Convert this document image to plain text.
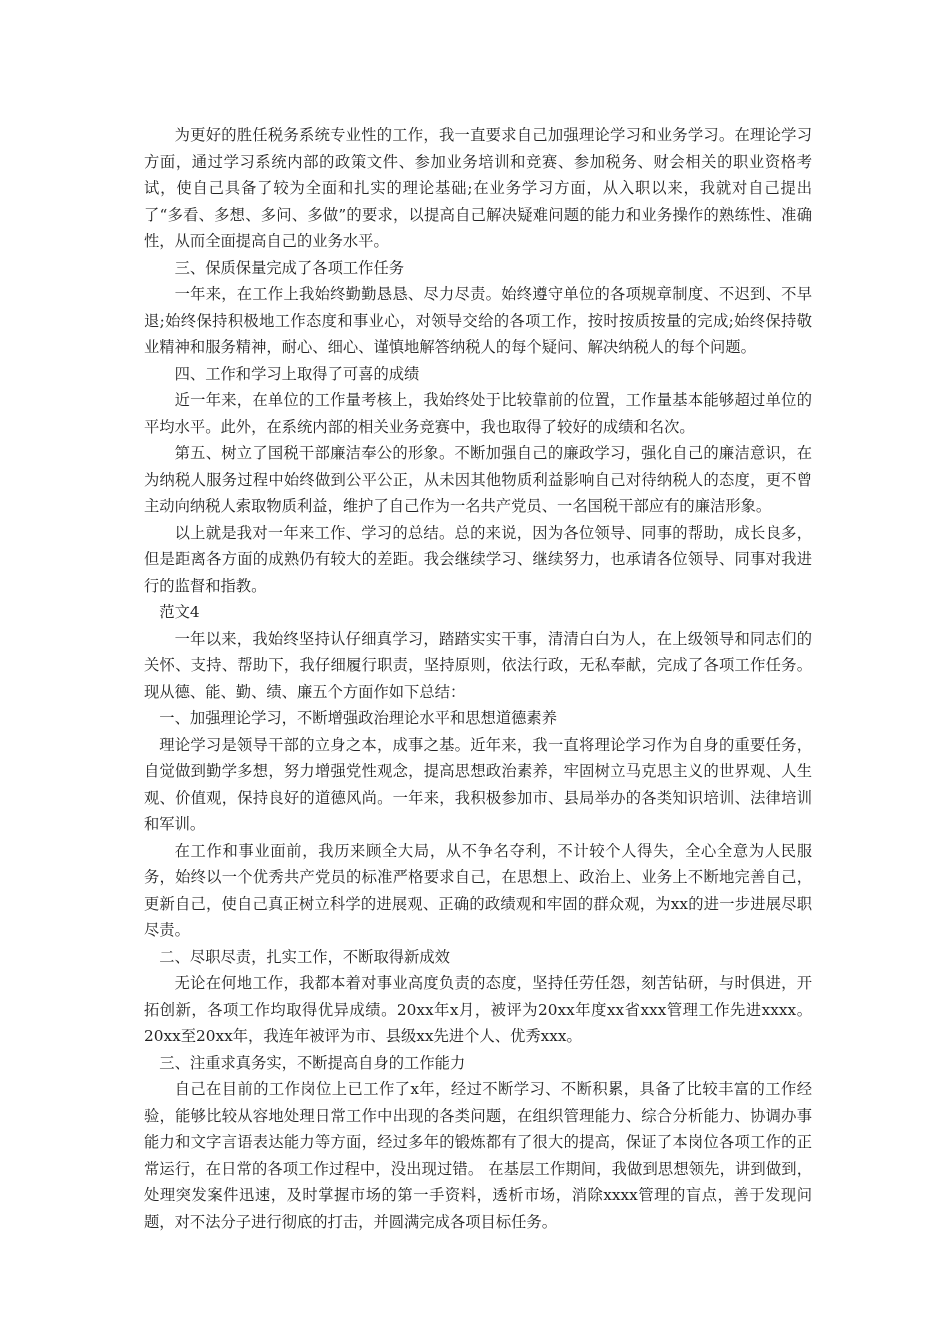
为更好的胜任税务系统专业性的工作，我一直要求自己加强理论学习和业务学习。在理论学习方面，通过学习系统内部的政策文件、参加业务培训和竞赛、参加税务、财会相关的职业资格考试，使自己具备了较为全面和扎实的理论基础;在业务学习方面，从入职以来，我就对自己提出了“多看、多想、多问、多做”的要求，以提高自己解决疑难问题的能力和业务操作的熟练性、准确性，从而全面提高自己的业务水平。

三、保质保量完成了各项工作任务

一年来，在工作上我始终勤勤恳恳、尽力尽责。始终遵守单位的各项规章制度、不迟到、不早退;始终保持积极地工作态度和事业心，对领导交给的各项工作，按时按质按量的完成;始终保持敬业精神和服务精神，耐心、细心、谨慎地解答纳税人的每个疑问、解决纳税人的每个问题。

四、工作和学习上取得了可喜的成绩

近一年来，在单位的工作量考核上，我始终处于比较靠前的位置，工作量基本能够超过单位的平均水平。此外，在系统内部的相关业务竞赛中，我也取得了较好的成绩和名次。

第五、树立了国税干部廉洁奉公的形象。不断加强自己的廉政学习，强化自己的廉洁意识，在为纳税人服务过程中始终做到公平公正，从未因其他物质利益影响自己对待纳税人的态度，更不曾主动向纳税人索取物质利益，维护了自己作为一名共产党员、一名国税干部应有的廉洁形象。

以上就是我对一年来工作、学习的总结。总的来说，因为各位领导、同事的帮助，成长良多，但是距离各方面的成熟仍有较大的差距。我会继续学习、继续努力，也承请各位领导、同事对我进行的监督和指教。

范文4

一年以来，我始终坚持认仔细真学习，踏踏实实干事，清清白白为人，在上级领导和同志们的关怀、支持、帮助下，我仔细履行职责，坚持原则，依法行政，无私奉献，完成了各项工作任务。现从德、能、勤、绩、廉五个方面作如下总结：

一、加强理论学习，不断增强政治理论水平和思想道德素养

理论学习是领导干部的立身之本，成事之基。近年来，我一直将理论学习作为自身的重要任务，自觉做到勤学多想，努力增强党性观念，提高思想政治素养，牢固树立马克思主义的世界观、人生观、价值观，保持良好的道德风尚。一年来，我积极参加市、县局举办的各类知识培训、法律培训和军训。

在工作和事业面前，我历来顾全大局，从不争名夺利，不计较个人得失，全心全意为人民服务，始终以一个优秀共产党员的标准严格要求自己，在思想上、政治上、业务上不断地完善自己，更新自己，使自己真正树立科学的进展观、正确的政绩观和牢固的群众观，为xx的进一步进展尽职尽责。

二、尽职尽责，扎实工作，不断取得新成效

无论在何地工作，我都本着对事业高度负责的态度，坚持任劳任怨，刻苦钻研，与时俱进，开拓创新，各项工作均取得优异成绩。20xx年x月，被评为20xx年度xx省xxx管理工作先进xxxx。20xx至20xx年，我连年被评为市、县级xx先进个人、优秀xxx。

三、注重求真务实，不断提高自身的工作能力

自己在目前的工作岗位上已工作了x年，经过不断学习、不断积累，具备了比较丰富的工作经验，能够比较从容地处理日常工作中出现的各类问题，在组织管理能力、综合分析能力、协调办事能力和文字言语表达能力等方面，经过多年的锻炼都有了很大的提高，保证了本岗位各项工作的正常运行，在日常的各项工作过程中，没出现过错。 在基层工作期间，我做到思想领先，讲到做到，处理突发案件迅速，及时掌握市场的第一手资料，透析市场，消除xxxx管理的盲点，善于发现问题，对不法分子进行彻底的打击，并圆满完成各项目标任务。
